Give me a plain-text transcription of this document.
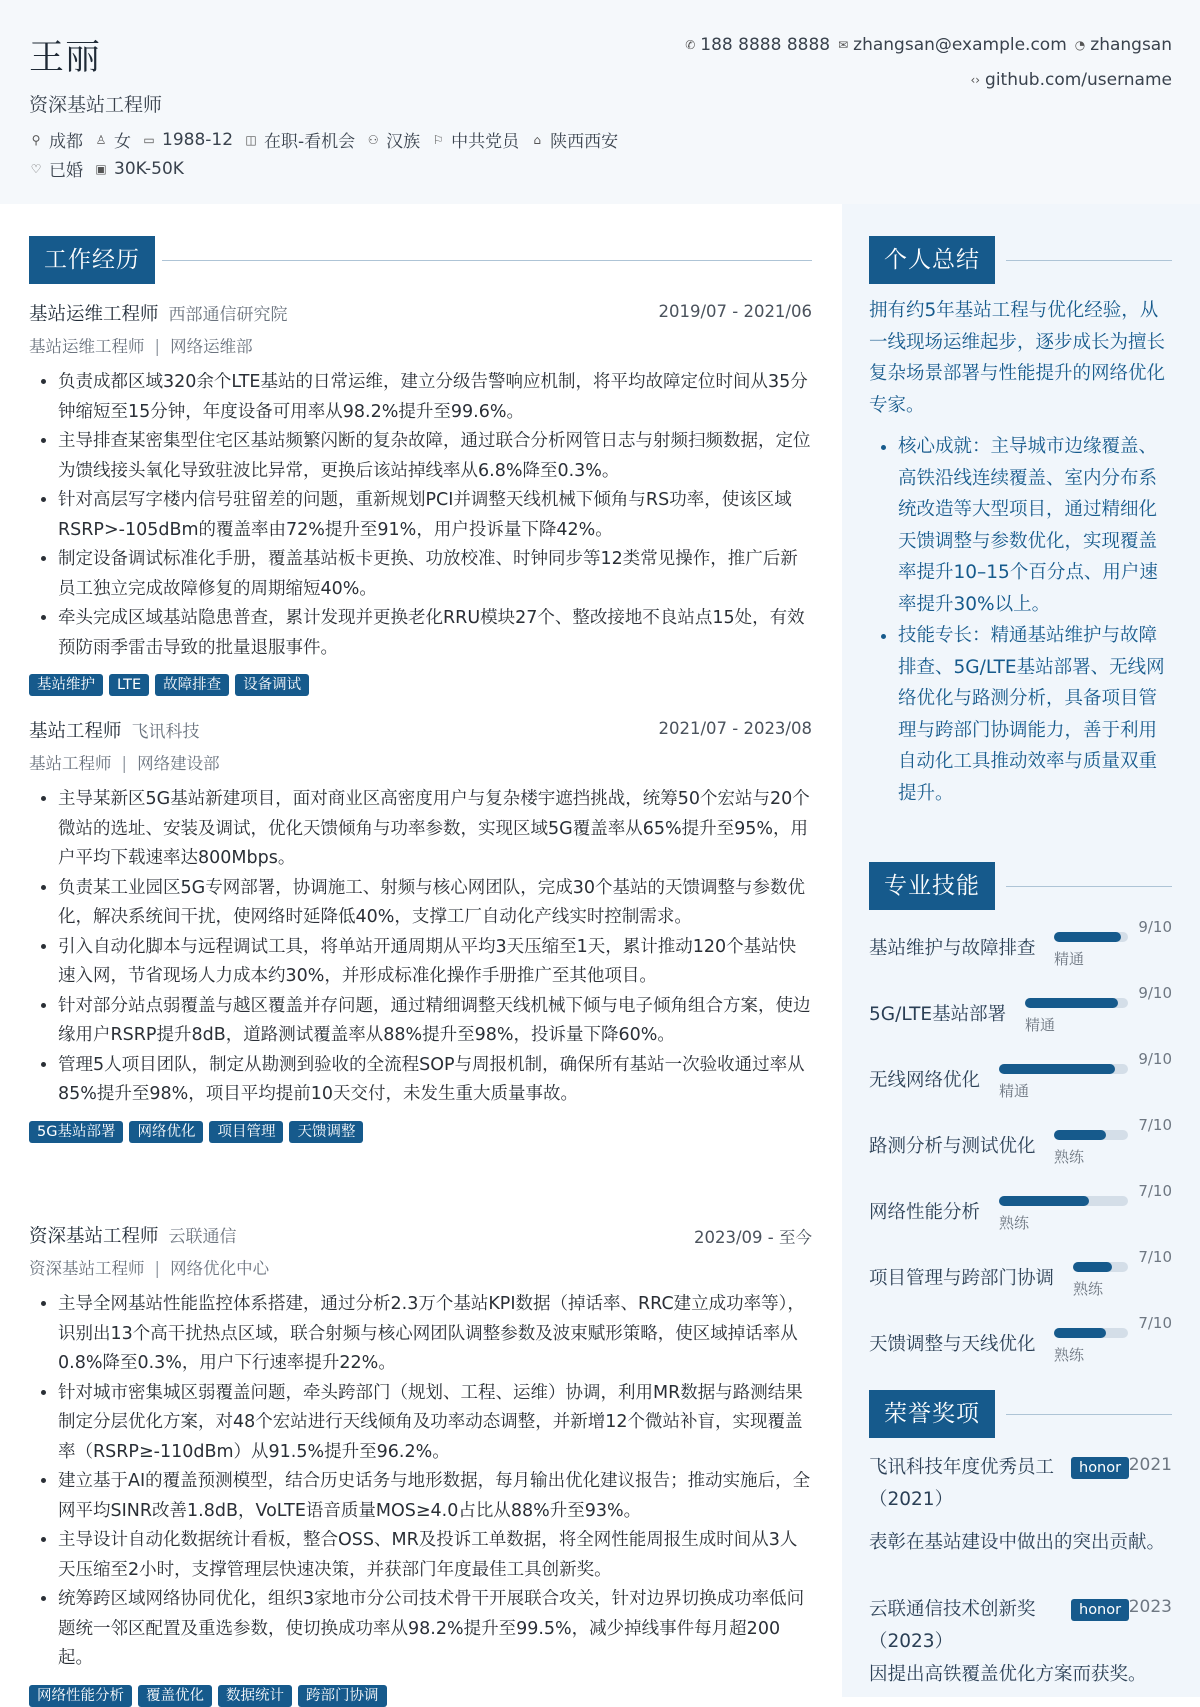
王丽
资深基站工程师
⚲ 成都 ♙ 女 ▭ 1988-12 ◫ 在职-看机会 ⚇ 汉族 ⚐ 中共党员 ⌂ 陕西西安
♡ 已婚 ▣ 30K-50K
✆ 188 8888 8888 ✉ zhangsan@example.com ◔ zhangsan
‹› github.com/username
工作经历
基站运维工程师 西部通信研究院	2019/07 - 2021/06
基站运维工程师 | 网络运维部
• 负责成都区域320余个LTE基站的日常运维，建立分级告警响应机制，将平均故障定位时间从35分钟缩短至15分钟，年度设备可用率从98.2%提升至99.6%。
• 主导排查某密集型住宅区基站频繁闪断的复杂故障，通过联合分析网管日志与射频扫频数据，定位为馈线接头氧化导致驻波比异常，更换后该站掉线率从6.8%降至0.3%。
• 针对高层写字楼内信号驻留差的问题，重新规划PCI并调整天线机械下倾角与RS功率，使该区域RSRP>-105dBm的覆盖率由72%提升至91%，用户投诉量下降42%。
• 制定设备调试标准化手册，覆盖基站板卡更换、功放校准、时钟同步等12类常见操作，推广后新员工独立完成故障修复的周期缩短40%。
• 牵头完成区域基站隐患普查，累计发现并更换老化RRU模块27个、整改接地不良站点15处，有效预防雨季雷击导致的批量退服事件。
基站维护	LTE	故障排查	设备调试
基站工程师 飞讯科技	2021/07 - 2023/08
基站工程师 | 网络建设部
• 主导某新区5G基站新建项目，面对商业区高密度用户与复杂楼宇遮挡挑战，统筹50个宏站与20个微站的选址、安装及调试，优化天馈倾角与功率参数，实现区域5G覆盖率从65%提升至95%，用户平均下载速率达800Mbps。
• 负责某工业园区5G专网部署，协调施工、射频与核心网团队，完成30个基站的天馈调整与参数优化，解决系统间干扰，使网络时延降低40%，支撑工厂自动化产线实时控制需求。
• 引入自动化脚本与远程调试工具，将单站开通周期从平均3天压缩至1天，累计推动120个基站快速入网，节省现场人力成本约30%，并形成标准化操作手册推广至其他项目。
• 针对部分站点弱覆盖与越区覆盖并存问题，通过精细调整天线机械下倾与电子倾角组合方案，使边缘用户RSRP提升8dB，道路测试覆盖率从88%提升至98%，投诉量下降60%。
• 管理5人项目团队，制定从勘测到验收的全流程SOP与周报机制，确保所有基站一次验收通过率从85%提升至98%，项目平均提前10天交付，未发生重大质量事故。
5G基站部署	网络优化	项目管理	天馈调整
资深基站工程师 云联通信	2023/09 - 至今
资深基站工程师 | 网络优化中心
• 主导全网基站性能监控体系搭建，通过分析2.3万个基站KPI数据（掉话率、RRC建立成功率等），识别出13个高干扰热点区域，联合射频与核心网团队调整参数及波束赋形策略，使区域掉话率从0.8%降至0.3%，用户下行速率提升22%。
• 针对城市密集城区弱覆盖问题，牵头跨部门（规划、工程、运维）协调，利用MR数据与路测结果制定分层优化方案，对48个宏站进行天线倾角及功率动态调整，并新增12个微站补盲，实现覆盖率（RSRP≥-110dBm）从91.5%提升至96.2%。
• 建立基于AI的覆盖预测模型，结合历史话务与地形数据，每月输出优化建议报告；推动实施后，全网平均SINR改善1.8dB，VoLTE语音质量MOS≥4.0占比从88%升至93%。
• 主导设计自动化数据统计看板，整合OSS、MR及投诉工单数据，将全网性能周报生成时间从3人天压缩至2小时，支撑管理层快速决策，并获部门年度最佳工具创新奖。
• 统筹跨区域网络协同优化，组织3家地市分公司技术骨干开展联合攻关，针对边界切换成功率低问题统一邻区配置及重选参数，使切换成功率从98.2%提升至99.5%，减少掉线事件每月超200起。
网络性能分析	覆盖优化	数据统计	跨部门协调
个人总结

拥有约5年基站工程与优化经验，从一线现场运维起步，逐步成长为擅长复杂场景部署与性能提升的网络优化专家。

• 核心成就：主导城市边缘覆盖、高铁沿线连续覆盖、室内分布系统改造等大型项目，通过精细化天馈调整与参数优化，实现覆盖率提升10–15个百分点、用户速率提升30%以上。
• 技能专长：精通基站维护与故障排查、5G/LTE基站部署、无线网络优化与路测分析，具备项目管理与跨部门协调能力，善于利用自动化工具推动效率与质量双重提升。
专业技能
荣誉奖项
飞讯科技年度优秀员工（2021）
honor 2021
表彰在基站建设中做出的突出贡献。
云联通信技术创新奖（2023）
honor 2023
因提出高铁覆盖优化方案而获奖。
基站维护与故障排查
9/10
精通
5G/LTE基站部署
9/10
精通
无线网络优化
9/10
精通
路测分析与测试优化
7/10
熟练
网络性能分析
7/10
熟练
项目管理与跨部门协调
7/10
熟练
天馈调整与天线优化
7/10
熟练
